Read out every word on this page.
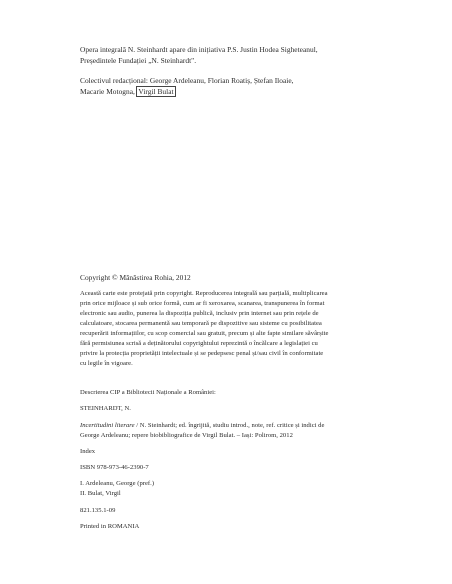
Opera integrală N. Steinhardt apare din inițiativa P.S. Justin Hodea Sigheteanul,
Președintele Fundației „N. Steinhardt".
Colectivul redacțional: George Ardeleanu, Florian Roatiș, Ștefan Iloaie,
Macarie Motogna, Virgil Bulat
Copyright © Mănăstirea Rohia, 2012
Această carte este protejată prin copyright. Reproducerea integrală sau parțială, multiplicarea
prin orice mijloace și sub orice formă, cum ar fi xeroxarea, scanarea, transpunerea în format
electronic sau audio, punerea la dispoziția publică, inclusiv prin internet sau prin rețele de
calculatoare, stocarea permanentă sau temporară pe dispozitive sau sisteme cu posibilitatea
recuperării informațiilor, cu scop comercial sau gratuit, precum și alte fapte similare săvârșite
fără permisiunea scrisă a deținătorului copyrightului reprezintă o încălcare a legislației cu
privire la protecția proprietății intelectuale și se pedepsesc penal și/sau civil în conformitate
cu legile în vigoare.
Descrierea CIP a Bibliotecii Naționale a României:
STEINHARDT, N.
Incertitudini literare / N. Steinhardt; ed. îngrijită, studiu introd., note, ref. critice și indici de
George Ardeleanu; repere biobibliografice de Virgil Bulat. – Iași: Polirom, 2012
Index
ISBN 978-973-46-2390-7
I. Ardeleanu, George (pref.)
II. Bulat, Virgil
821.135.1-09
Printed in ROMANIA
